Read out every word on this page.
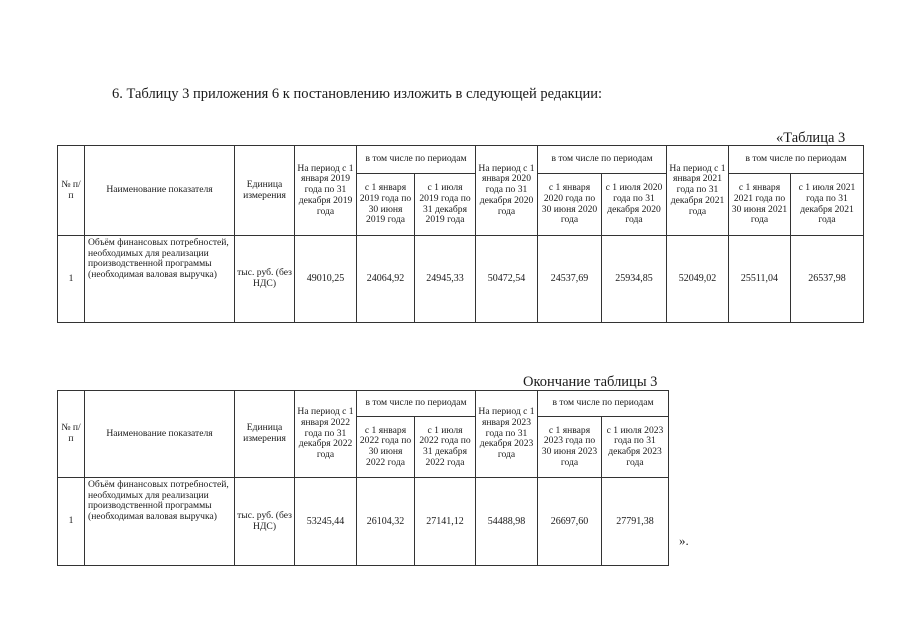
6. Таблицу 3 приложения 6 к постановлению изложить в следующей редакции:
«Таблица 3
№ п/п	Наименование показателя	Единица измерения	На период с 1 января 2019 года по 31 декабря 2019 года	в том числе по периодам		На период с 1 января 2020 года по 31 декабря 2020 года	в том числе по периодам		На период с 1 января 2021 года по 31 декабря 2021 года	в том числе по периодам	
				с 1 января 2019 года по 30 июня 2019 года	с 1 июля 2019 года по 31 декабря 2019 года		с 1 января 2020 года по 30 июня 2020 года	с 1 июля 2020 года по 31 декабря 2020 года		с 1 января 2021 года по 30 июня 2021 года	с 1 июля 2021 года по 31 декабря 2021 года
1	Объём финансовых потребностей, необходимых для реализации производственной программы (необходимая валовая выручка)	тыс. руб. (без НДС)	49010,25	24064,92	24945,33	50472,54	24537,69	25934,85	52049,02	25511,04	26537,98
Окончание таблицы 3
№ п/п	Наименование показателя	Единица измерения	На период с 1 января 2022 года по 31 декабря 2022 года	в том числе по периодам		На период с 1 января 2023 года по 31 декабря 2023 года	в том числе по периодам	
				с 1 января 2022 года по 30 июня 2022 года	с 1 июля 2022 года по 31 декабря 2022 года		с 1 января 2023 года по 30 июня 2023 года	с 1 июля 2023 года по 31 декабря 2023 года
1	Объём финансовых потребностей, необходимых для реализации производственной программы (необходимая валовая выручка)	тыс. руб. (без НДС)	53245,44	26104,32	27141,12	54488,98	26697,60	27791,38
».
